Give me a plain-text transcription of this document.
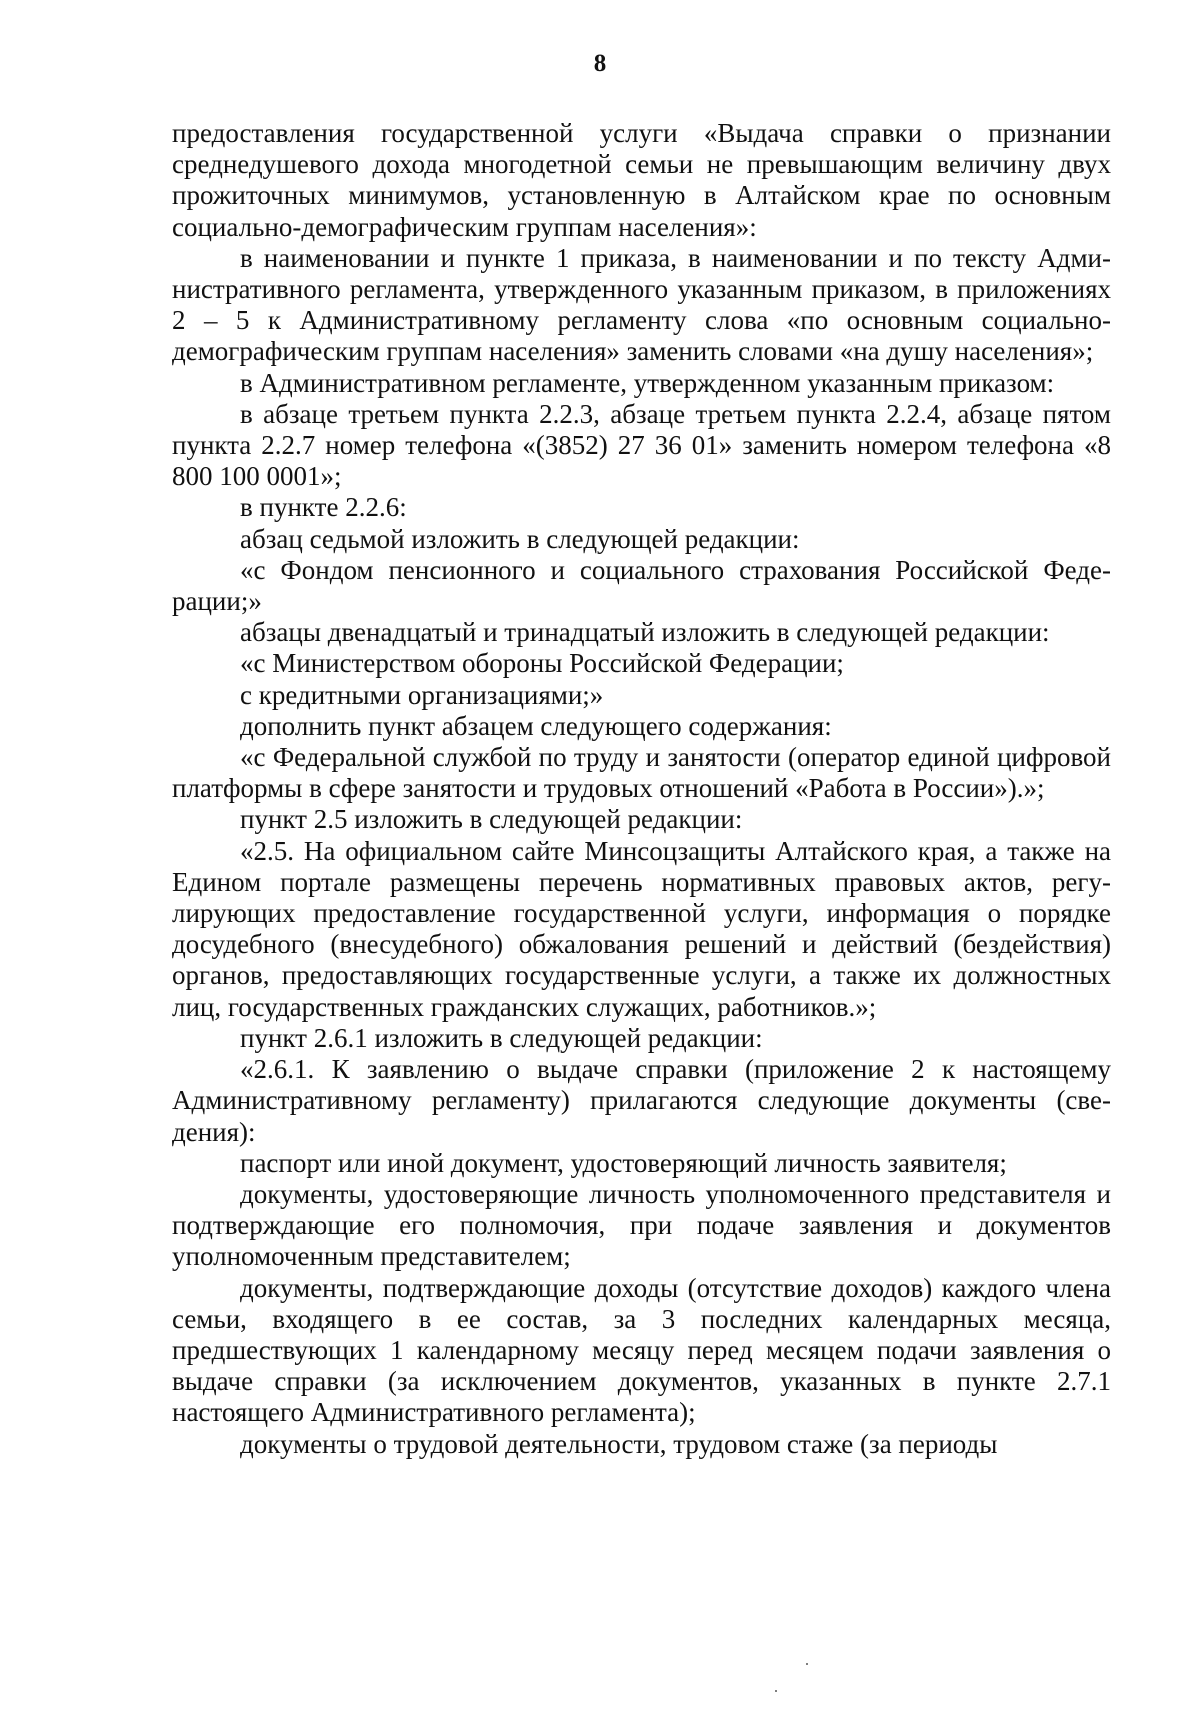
8

предоставления государственной услуги «Выдача справки о признании среднедушевого дохода многодетной семьи не превышающим величину двух прожиточных минимумов, установленную в Алтайском крае по основным социально-демографическим группам населения»:

в наименовании и пункте 1 приказа, в наименовании и по тексту Административного регламента, утвержденного указанным приказом, в приложениях 2 – 5 к Административному регламенту слова «по основным социально-демографическим группам населения» заменить словами «на душу населения»;

в Административном регламенте, утвержденном указанным приказом:

в абзаце третьем пункта 2.2.3, абзаце третьем пункта 2.2.4, абзаце пятом пункта 2.2.7 номер телефона «(3852) 27 36 01» заменить номером телефона «8 800 100 0001»;

в пункте 2.2.6:

абзац седьмой изложить в следующей редакции:

«с Фондом пенсионного и социального страхования Российской Федерации;»

абзацы двенадцатый и тринадцатый изложить в следующей редакции:

«с Министерством обороны Российской Федерации;

с кредитными организациями;»

дополнить пункт абзацем следующего содержания:

«с Федеральной службой по труду и занятости (оператор единой цифровой платформы в сфере занятости и трудовых отношений «Работа в России»).»;

пункт 2.5 изложить в следующей редакции:

«2.5. На официальном сайте Минсоцзащиты Алтайского края, а также на Едином портале размещены перечень нормативных правовых актов, регулирующих предоставление государственной услуги, информация о порядке досудебного (внесудебного) обжалования решений и действий (бездействия) органов, предоставляющих государственные услуги, а также их должностных лиц, государственных гражданских служащих, работников.»;

пункт 2.6.1 изложить в следующей редакции:

«2.6.1. К заявлению о выдаче справки (приложение 2 к настоящему Административному регламенту) прилагаются следующие документы (сведения):

паспорт или иной документ, удостоверяющий личность заявителя;

документы, удостоверяющие личность уполномоченного представителя и подтверждающие его полномочия, при подаче заявления и документов уполномоченным представителем;

документы, подтверждающие доходы (отсутствие доходов) каждого члена семьи, входящего в ее состав, за 3 последних календарных месяца, предшествующих 1 календарному месяцу перед месяцем подачи заявления о выдаче справки (за исключением документов, указанных в пункте 2.7.1 настоящего Административного регламента);

документы о трудовой деятельности, трудовом стаже (за периоды
